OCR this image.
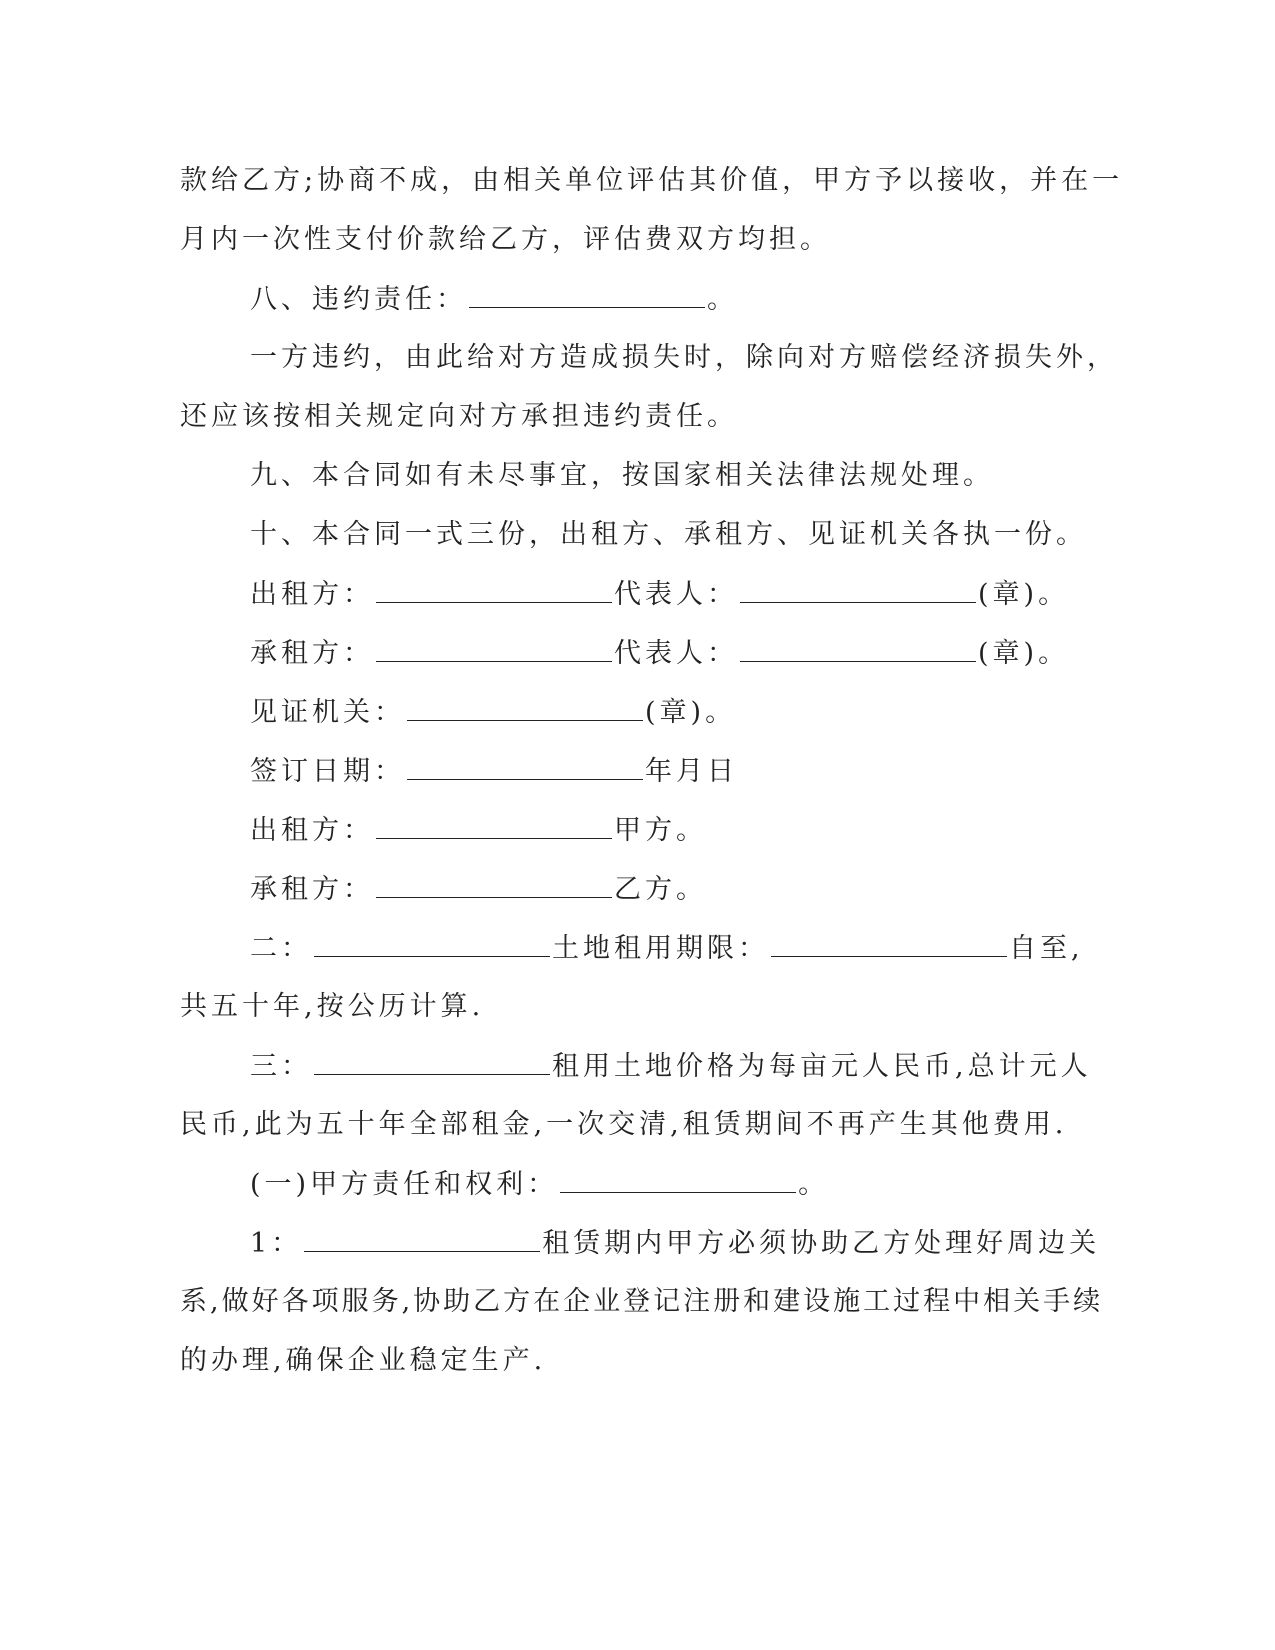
款给乙方;协商不成，由相关单位评估其价值，甲方予以接收，并在一
月内一次性支付价款给乙方，评估费双方均担。
八、违约责任：	。
一方违约，由此给对方造成损失时，除向对方赔偿经济损失外，
还应该按相关规定向对方承担违约责任。
九、本合同如有未尽事宜，按国家相关法律法规处理。
十、本合同一式三份，出租方、承租方、见证机关各执一份。
出租方：	代表人：	(章)。
承租方：	代表人：	(章)。
见证机关：	(章)。
签订日期：	年月日
出租方：	甲方。
承租方：	乙方。
二：	土地租用期限：	自至,
共五十年,按公历计算.
三：	租用土地价格为每亩元人民币,总计元人
民币,此为五十年全部租金,一次交清,租赁期间不再产生其他费用.
(一)甲方责任和权利：	。
1：	租赁期内甲方必须协助乙方处理好周边关
系,做好各项服务,协助乙方在企业登记注册和建设施工过程中相关手续
的办理,确保企业稳定生产.
